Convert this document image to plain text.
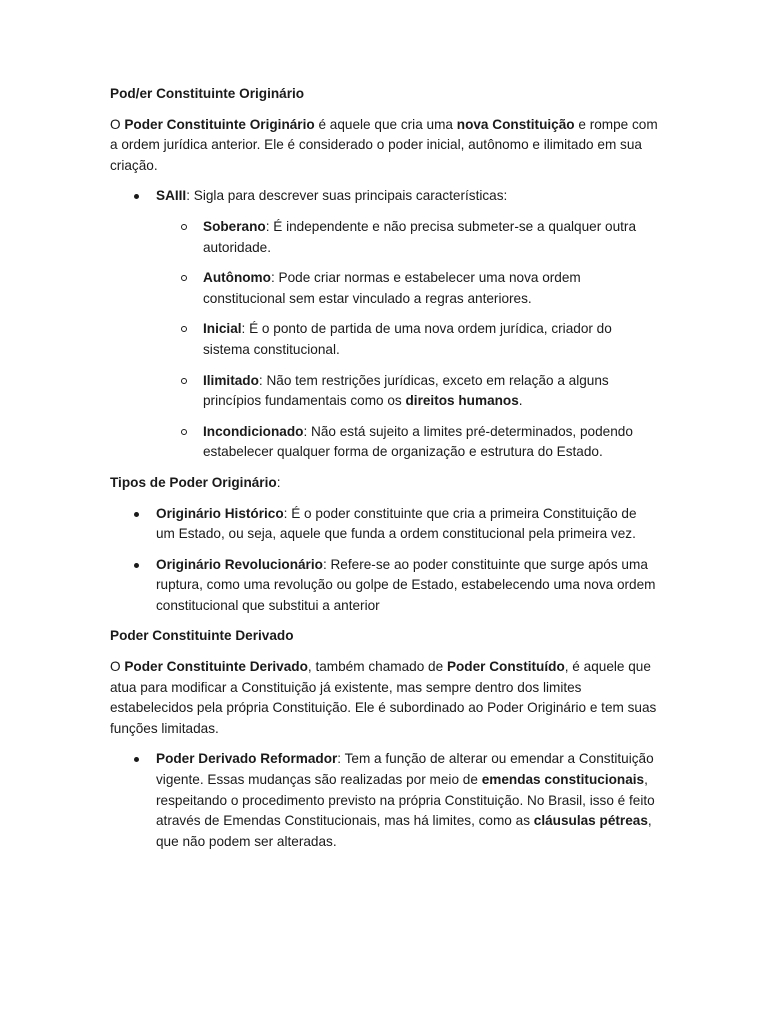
Pod/er Constituinte Originário

O Poder Constituinte Originário é aquele que cria uma nova Constituição e rompe com a ordem jurídica anterior. Ele é considerado o poder inicial, autônomo e ilimitado em sua criação.

SAIII: Sigla para descrever suas principais características:
Soberano: É independente e não precisa submeter-se a qualquer outra autoridade.
Autônomo: Pode criar normas e estabelecer uma nova ordem constitucional sem estar vinculado a regras anteriores.
Inicial: É o ponto de partida de uma nova ordem jurídica, criador do sistema constitucional.
Ilimitado: Não tem restrições jurídicas, exceto em relação a alguns princípios fundamentais como os direitos humanos.
Incondicionado: Não está sujeito a limites pré-determinados, podendo estabelecer qualquer forma de organização e estrutura do Estado.

Tipos de Poder Originário:

Originário Histórico: É o poder constituinte que cria a primeira Constituição de um Estado, ou seja, aquele que funda a ordem constitucional pela primeira vez.
Originário Revolucionário: Refere-se ao poder constituinte que surge após uma ruptura, como uma revolução ou golpe de Estado, estabelecendo uma nova ordem constitucional que substitui a anterior

Poder Constituinte Derivado

O Poder Constituinte Derivado, também chamado de Poder Constituído, é aquele que atua para modificar a Constituição já existente, mas sempre dentro dos limites estabelecidos pela própria Constituição. Ele é subordinado ao Poder Originário e tem suas funções limitadas.

Poder Derivado Reformador: Tem a função de alterar ou emendar a Constituição vigente. Essas mudanças são realizadas por meio de emendas constitucionais, respeitando o procedimento previsto na própria Constituição. No Brasil, isso é feito através de Emendas Constitucionais, mas há limites, como as cláusulas pétreas, que não podem ser alteradas.
